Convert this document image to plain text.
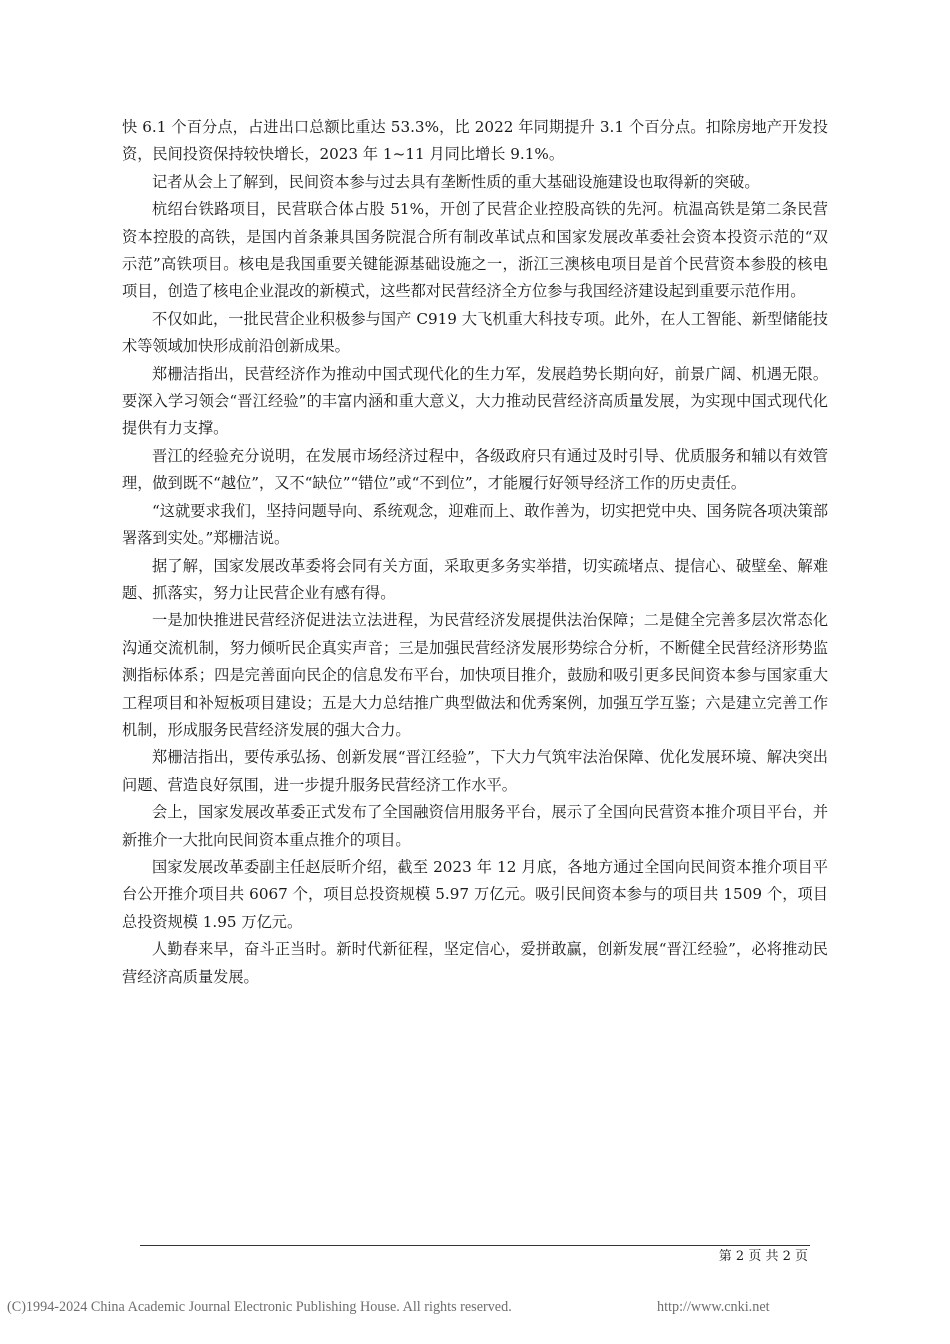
快 6.1 个百分点，占进出口总额比重达 53.3%，比 2022 年同期提升 3.1 个百分点。扣除房地产开发投资，民间投资保持较快增长，2023 年 1~11 月同比增长 9.1%。

记者从会上了解到，民间资本参与过去具有垄断性质的重大基础设施建设也取得新的突破。

杭绍台铁路项目，民营联合体占股 51%，开创了民营企业控股高铁的先河。杭温高铁是第二条民营资本控股的高铁，是国内首条兼具国务院混合所有制改革试点和国家发展改革委社会资本投资示范的“双示范”高铁项目。核电是我国重要关键能源基础设施之一，浙江三澳核电项目是首个民营资本参股的核电项目，创造了核电企业混改的新模式，这些都对民营经济全方位参与我国经济建设起到重要示范作用。

不仅如此，一批民营企业积极参与国产 C919 大飞机重大科技专项。此外，在人工智能、新型储能技术等领域加快形成前沿创新成果。

郑栅洁指出，民营经济作为推动中国式现代化的生力军，发展趋势长期向好，前景广阔、机遇无限。要深入学习领会“晋江经验”的丰富内涵和重大意义，大力推动民营经济高质量发展，为实现中国式现代化提供有力支撑。

晋江的经验充分说明，在发展市场经济过程中，各级政府只有通过及时引导、优质服务和辅以有效管理，做到既不“越位”，又不“缺位”“错位”或“不到位”，才能履行好领导经济工作的历史责任。

“这就要求我们，坚持问题导向、系统观念，迎难而上、敢作善为，切实把党中央、国务院各项决策部署落到实处。”郑栅洁说。

据了解，国家发展改革委将会同有关方面，采取更多务实举措，切实疏堵点、提信心、破壁垒、解难题、抓落实，努力让民营企业有感有得。

一是加快推进民营经济促进法立法进程，为民营经济发展提供法治保障；二是健全完善多层次常态化沟通交流机制，努力倾听民企真实声音；三是加强民营经济发展形势综合分析，不断健全民营经济形势监测指标体系；四是完善面向民企的信息发布平台，加快项目推介，鼓励和吸引更多民间资本参与国家重大工程项目和补短板项目建设；五是大力总结推广典型做法和优秀案例，加强互学互鉴；六是建立完善工作机制，形成服务民营经济发展的强大合力。

郑栅洁指出，要传承弘扬、创新发展“晋江经验”，下大力气筑牢法治保障、优化发展环境、解决突出问题、营造良好氛围，进一步提升服务民营经济工作水平。

会上，国家发展改革委正式发布了全国融资信用服务平台，展示了全国向民营资本推介项目平台，并新推介一大批向民间资本重点推介的项目。

国家发展改革委副主任赵辰昕介绍，截至 2023 年 12 月底，各地方通过全国向民间资本推介项目平台公开推介项目共 6067 个，项目总投资规模 5.97 万亿元。吸引民间资本参与的项目共 1509 个，项目总投资规模 1.95 万亿元。

人勤春来早，奋斗正当时。新时代新征程，坚定信心，爱拼敢赢，创新发展“晋江经验”，必将推动民营经济高质量发展。

第 2 页 共 2 页
(C)1994-2024 China Academic Journal Electronic Publishing House. All rights reserved.	http://www.cnki.net
